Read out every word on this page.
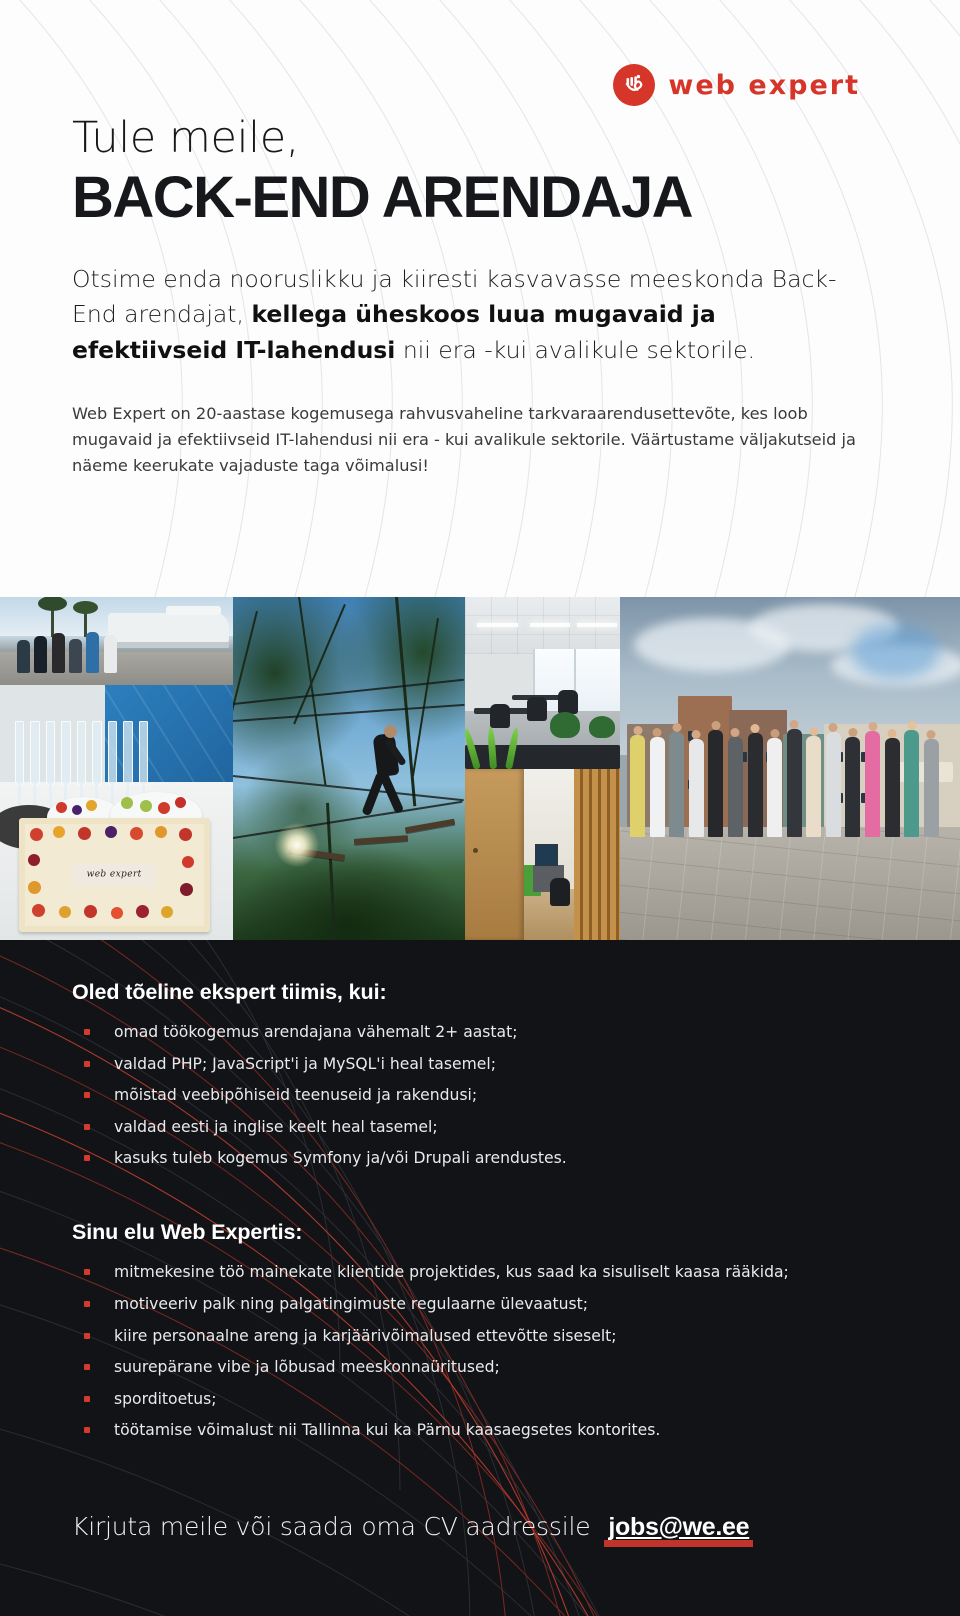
web expert
Tule meile,
BACK-END ARENDAJA

Otsime enda nooruslikku ja kiiresti kasvavasse meeskonda Back-End arendajat, kellega üheskoos luua mugavaid ja efektiivseid IT-lahendusi nii era -kui avalikule sektorile.

Web Expert on 20-aastase kogemusega rahvusvaheline tarkvaraarendusettevõte, kes loob mugavaid ja efektiivseid IT-lahendusi nii era - kui avalikule sektorile. Väärtustame väljakutseid ja näeme keerukate vajaduste taga võimalusi!

web expert
Oled tõeline ekspert tiimis, kui:
omad töökogemus arendajana vähemalt 2+ aastat;
valdad PHP; JavaScript'i ja MySQL'i heal tasemel;
mõistad veebipõhiseid teenuseid ja rakendusi;
valdad eesti ja inglise keelt heal tasemel;
kasuks tuleb kogemus Symfony ja/või Drupali arendustes.
Sinu elu Web Expertis:
mitmekesine töö mainekate klientide projektides, kus saad ka sisuliselt kaasa rääkida;
motiveeriv palk ning palgatingimuste regulaarne ülevaatust;
kiire personaalne areng ja karjäärivõimalused ettevõtte siseselt;
suurepärane vibe ja lõbusad meeskonnaüritused;
sporditoetus;
töötamise võimalust nii Tallinna kui ka Pärnu kaasaegsetes kontorites.
Kirjuta meile või saada oma CV aadressile jobs@we.ee
